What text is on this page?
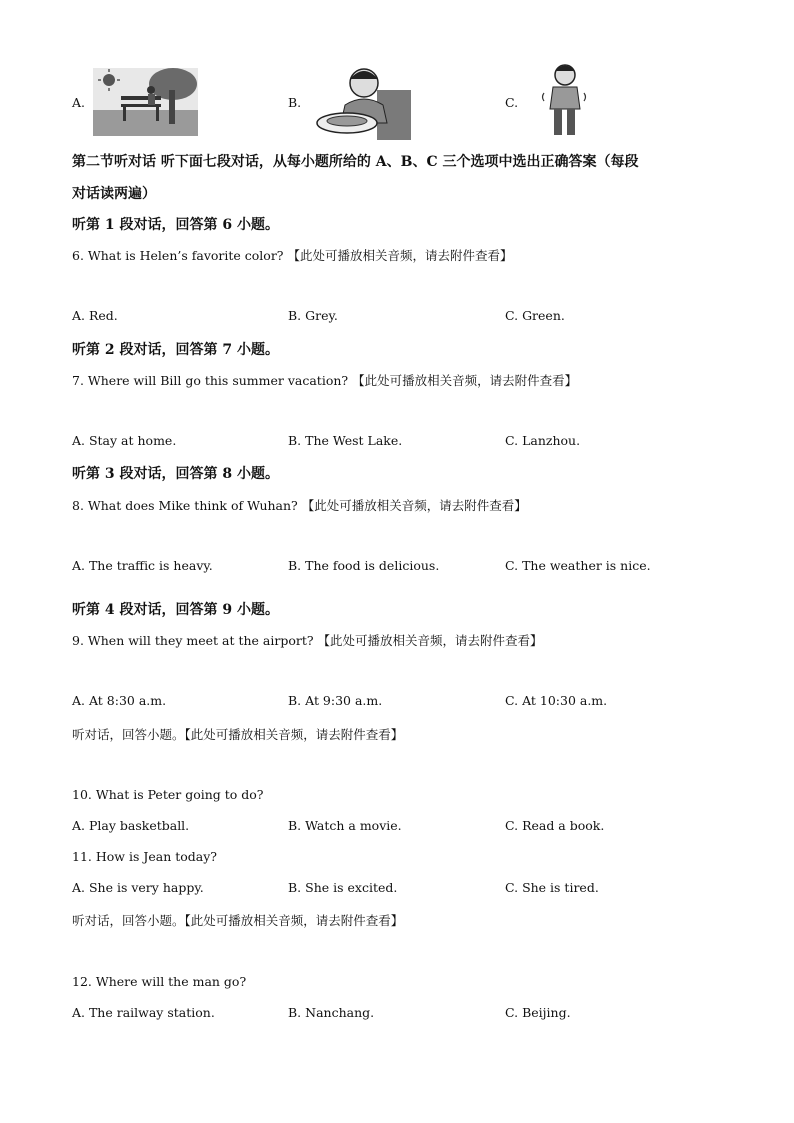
A.	B.	C.
第二节听对话 听下面七段对话，从每小题所给的 A、B、C 三个选项中选出正确答案（每段
对话读两遍）
听第 1 段对话，回答第 6 小题。
6. What is Helen’s favorite color? 【此处可播放相关音频，请去附件查看】
A. Red.	B. Grey.	C. Green.
听第 2 段对话，回答第 7 小题。
7. Where will Bill go this summer vacation? 【此处可播放相关音频，请去附件查看】
A. Stay at home.	B. The West Lake.	C. Lanzhou.
听第 3 段对话，回答第 8 小题。
8. What does Mike think of Wuhan? 【此处可播放相关音频，请去附件查看】
A. The traffic is heavy.	B. The food is delicious.	C. The weather is nice.
听第 4 段对话，回答第 9 小题。
9. When will they meet at the airport? 【此处可播放相关音频，请去附件查看】
A. At 8:30 a.m.	B. At 9:30 a.m.	C. At 10:30 a.m.
听对话，回答小题。【此处可播放相关音频，请去附件查看】
10. What is Peter going to do?
A. Play basketball.	B. Watch a movie.	C. Read a book.
11. How is Jean today?
A. She is very happy.	B. She is excited.	C. She is tired.
听对话，回答小题。【此处可播放相关音频，请去附件查看】
12. Where will the man go?
A. The railway station.	B. Nanchang.	C. Beijing.
